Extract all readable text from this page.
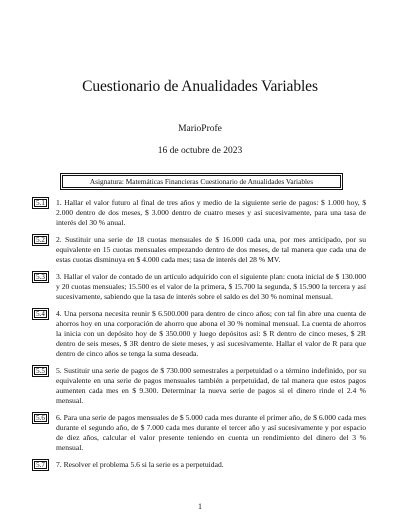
Cuestionario de Anualidades Variables
MarioProfe
16 de octubre de 2023
Asignatura: Matemáticas Financieras Cuestionario de Anualidades Variables
5.1 1. Hallar el valor futuro al final de tres años y medio de la siguiente serie de pagos: $ 1.000 hoy, $ 2.000 dentro de dos meses, $ 3.000 dentro de cuatro meses y así sucesivamente, para una tasa de interés del 30 % anual.
5.2 2. Sustituir una serie de 18 cuotas mensuales de $ 16.000 cada una, por mes anticipado, por su equivalente en 15 cuotas mensuales empezando dentro de dos meses, de tal manera que cada una de estas cuotas disminuya en $ 4.000 cada mes; tasa de interés del 28 % MV.
5.3 3. Hallar el valor de contado de un artículo adquirido con el siguiente plan: cuota inicial de $ 130.000 y 20 cuotas mensuales; 15.500 es el valor de la primera, $ 15.700 la segunda, $ 15.900 la tercera y así sucesivamente, sabiendo que la tasa de interés sobre el saldo es del 30 % nominal mensual.
5.4 4. Una persona necesita reunir $ 6.500.000 para dentro de cinco años; con tal fin abre una cuenta de ahorros hoy en una corporación de ahorro que abona el 30 % nominal mensual. La cuenta de ahorros la inicia con un depósito hoy de $ 350.000 y luego depósitos así: $ R dentro de cinco meses, $ 2R dentro de seis meses, $ 3R dentro de siete meses, y así sucesivamente. Hallar el valor de R para que dentro de cinco años se tenga la suma deseada.
5.5 5. Sustituir una serie de pagos de $ 730.000 semestrales a perpetuidad o a término indefinido, por su equivalente en una serie de pagos mensuales también a perpetuidad, de tal manera que estos pagos aumenten cada mes en $ 9.300. Determinar la nueva serie de pagos si el dinero rinde el 2.4 % mensual.
5.6 6. Para una serie de pagos mensuales de $ 5.000 cada mes durante el primer año, de $ 6.000 cada mes durante el segundo año, de $ 7.000 cada mes durante el tercer año y así sucesivamente y por espacio de diez años, calcular el valor presente teniendo en cuenta un rendimiento del dinero del 3 % mensual.
5.7 7. Resolver el problema 5.6 si la serie es a perpetuidad.
1
